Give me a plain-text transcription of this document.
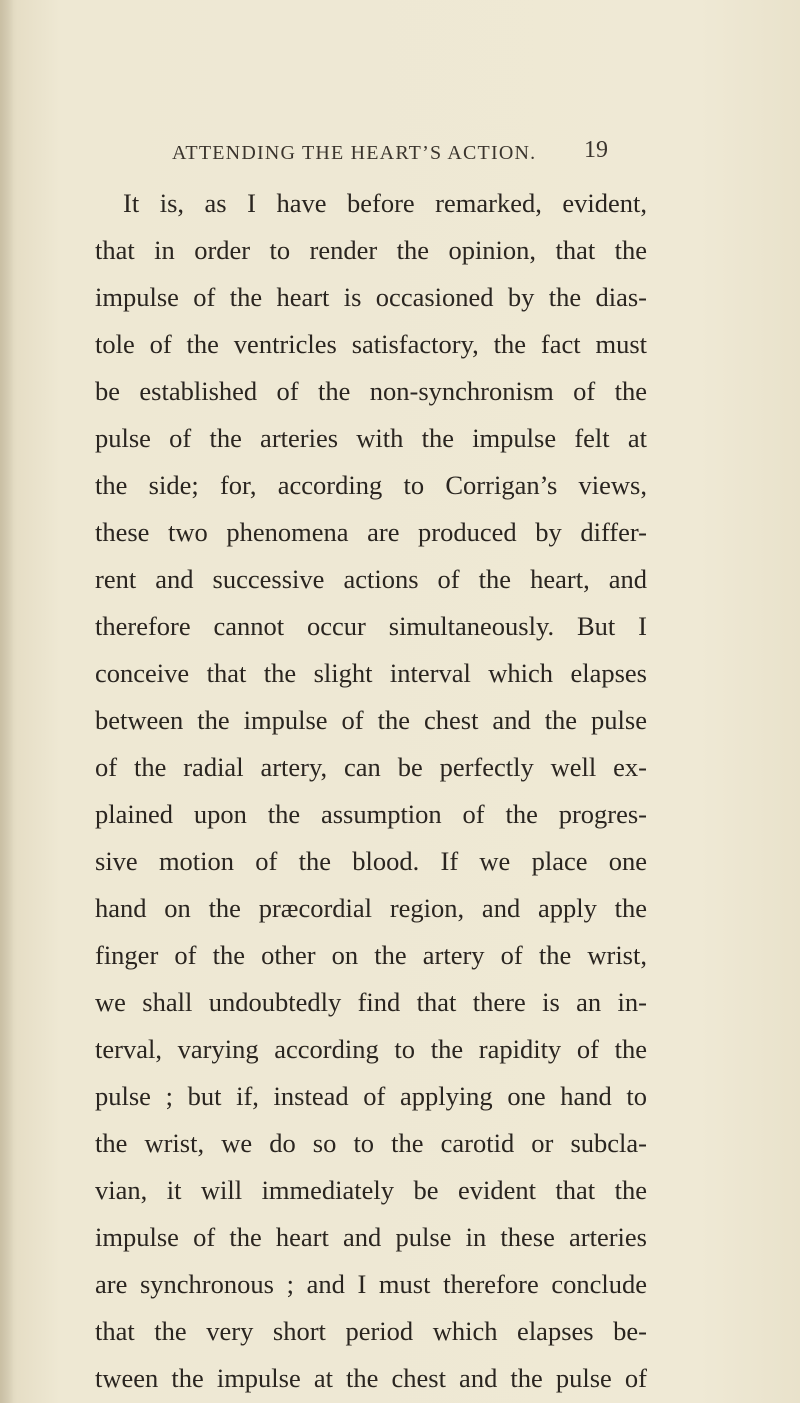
ATTENDING THE HEART’S ACTION.	19
It is, as I have before remarked, evident,
that in order to render the opinion, that the
impulse of the heart is occasioned by the dias-
tole of the ventricles satisfactory, the fact must
be established of the non-synchronism of the
pulse of the arteries with the impulse felt at
the side; for, according to Corrigan’s views,
these two phenomena are produced by differ-
rent and successive actions of the heart, and
therefore cannot occur simultaneously. But I
conceive that the slight interval which elapses
between the impulse of the chest and the pulse
of the radial artery, can be perfectly well ex-
plained upon the assumption of the progres-
sive motion of the blood. If we place one
hand on the præcordial region, and apply the
finger of the other on the artery of the wrist,
we shall undoubtedly find that there is an in-
terval, varying according to the rapidity of the
pulse ; but if, instead of applying one hand to
the wrist, we do so to the carotid or subcla-
vian, it will immediately be evident that the
impulse of the heart and pulse in these arteries
are synchronous ; and I must therefore conclude
that the very short period which elapses be-
tween the impulse at the chest and the pulse of
